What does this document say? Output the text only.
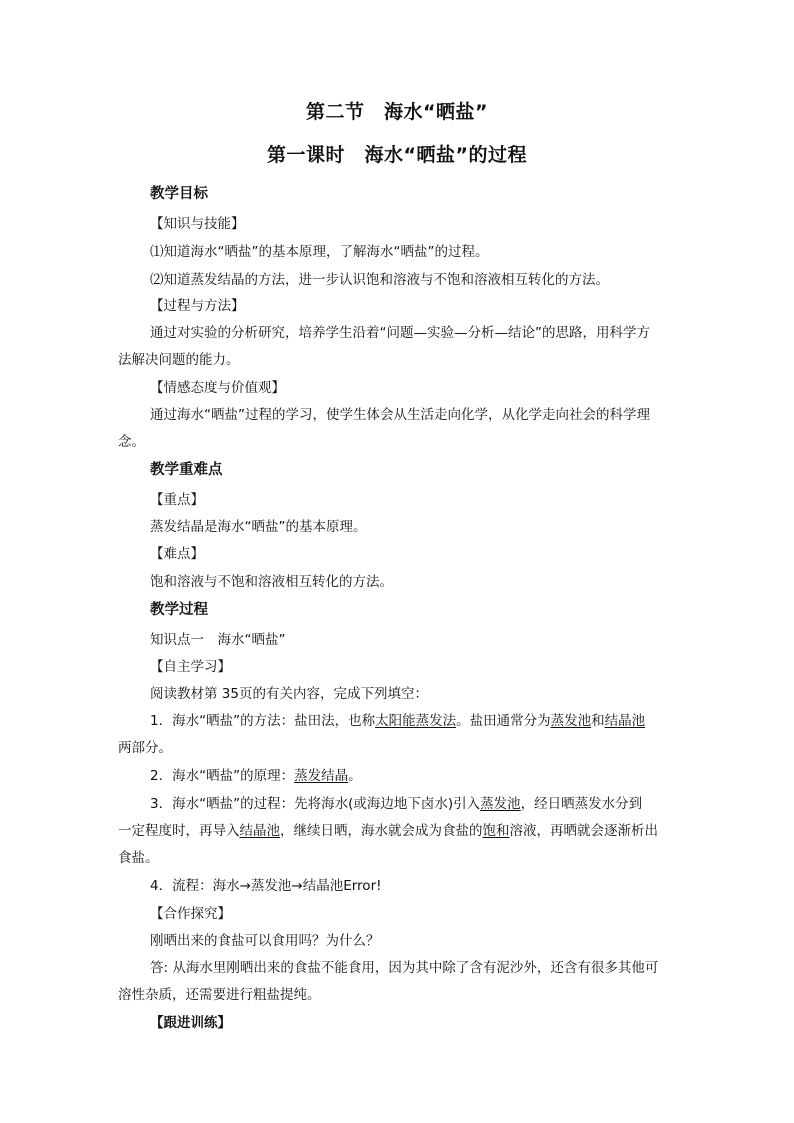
第二节　海水“晒盐”
第一课时　海水“晒盐”的过程
教学目标
【知识与技能】
⑴知道海水“晒盐”的基本原理，了解海水“晒盐”的过程。
⑵知道蒸发结晶的方法，进一步认识饱和溶液与不饱和溶液相互转化的方法。
【过程与方法】
通过对实验的分析研究，培养学生沿着“问题—实验—分析—结论”的思路，用科学方
法解决问题的能力。
【情感态度与价值观】
通过海水“晒盐”过程的学习，使学生体会从生活走向化学，从化学走向社会的科学理
念。
教学重难点
【重点】
蒸发结晶是海水“晒盐”的基本原理。
【难点】
饱和溶液与不饱和溶液相互转化的方法。
教学过程
知识点一　海水“晒盐”
【自主学习】
阅读教材第 35页的有关内容，完成下列填空：
1．海水“晒盐”的方法：盐田法，也称太阳能蒸发法。盐田通常分为蒸发池和结晶池
两部分。
2．海水“晒盐”的原理：蒸发结晶。
3．海水“晒盐”的过程：先将海水(或海边地下卤水)引入蒸发池，经日晒蒸发水分到
一定程度时，再导入结晶池，继续日晒，海水就会成为食盐的饱和溶液，再晒就会逐渐析出
食盐。
4．流程：海水→蒸发池→结晶池Error!
【合作探究】
刚晒出来的食盐可以食用吗？为什么？
答: 从海水里刚晒出来的食盐不能食用，因为其中除了含有泥沙外，还含有很多其他可
溶性杂质，还需要进行粗盐提纯。
【跟进训练】
